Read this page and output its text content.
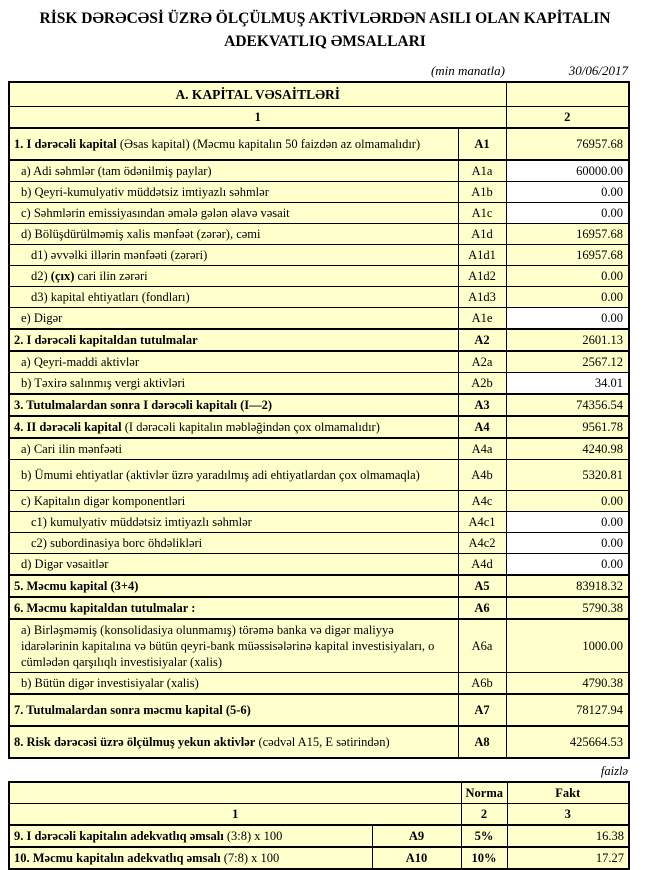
RİSK DƏRƏCƏSİ ÜZRƏ ÖLÇÜLMUŞ AKTİVLƏRDƏN ASILI OLAN KAPİTALIN
ADEKVATLIQ ƏMSALLARI
(min manatla)	30/06/2017
A. KAPİTAL VƏSAİTLƏRİ		
1		2
1. I dərəcəli kapital (Əsas kapital) (Məcmu kapitalın 50 faizdən az olmamalıdır)	A1	76957.68
a) Adi səhmlər (tam ödənilmiş paylar)	A1a	60000.00
b) Qeyri-kumulyativ müddətsiz imtiyazlı səhmlər	A1b	0.00
c) Səhmlərin emissiyasından əmələ gələn əlavə vəsait	A1c	0.00
d) Bölüşdürülməmiş xalis mənfəət (zərər), cəmi	A1d	16957.68
d1) əvvəlki illərin mənfəəti (zərəri)	A1d1	16957.68
d2) (çıx) cari ilin zərəri	A1d2	0.00
d3) kapital ehtiyatları (fondları)	A1d3	0.00
e) Digər	A1e	0.00
2. I dərəcəli kapitaldan tutulmalar	A2	2601.13
a) Qeyri-maddi aktivlər	A2a	2567.12
b) Təxirə salınmış vergi aktivləri	A2b	34.01
3. Tutulmalardan sonra I dərəcəli kapitalı (I—2)	A3	74356.54
4. II dərəcəli kapital (I dərəcəli kapitalın məbləğindən çox olmamalıdır)	A4	9561.78
a) Cari ilin mənfəəti	A4a	4240.98
b) Ümumi ehtiyatlar (aktivlər üzrə yaradılmış adi ehtiyatlardan çox olmamaqla)	A4b	5320.81
c) Kapitalın digər komponentləri	A4c	0.00
c1) kumulyativ müddətsiz imtiyazlı səhmlər	A4c1	0.00
c2) subordinasiya borc öhdəlikləri	A4c2	0.00
d) Digər vəsaitlər	A4d	0.00
5. Məcmu kapital (3+4)	A5	83918.32
6. Məcmu kapitaldan tutulmalar :	A6	5790.38
a) Birləşməmiş (konsolidasiya olunmamış) törəmə banka və digər maliyyə idarələrinin kapitalına və bütün qeyri-bank müəssisələrinə kapital investisiyaları, o cümlədən qarşılıqlı investisiyalar (xalis)	A6a	1000.00
b) Bütün digər investisiyalar (xalis)	A6b	4790.38
7. Tutulmalardan sonra məcmu kapital (5-6)	A7	78127.94
8. Risk dərəcəsi üzrə ölçülmuş yekun aktivlər (cədvəl A15, E sətirindən)	A8	425664.53
faizlə
		Norma	Fakt
1		2	3
9. I dərəcəli kapitalın adekvatlıq əmsalı (3:8) x 100	A9	5%	16.38
10. Məcmu kapitalın adekvatlıq əmsalı (7:8) x 100	A10	10%	17.27
